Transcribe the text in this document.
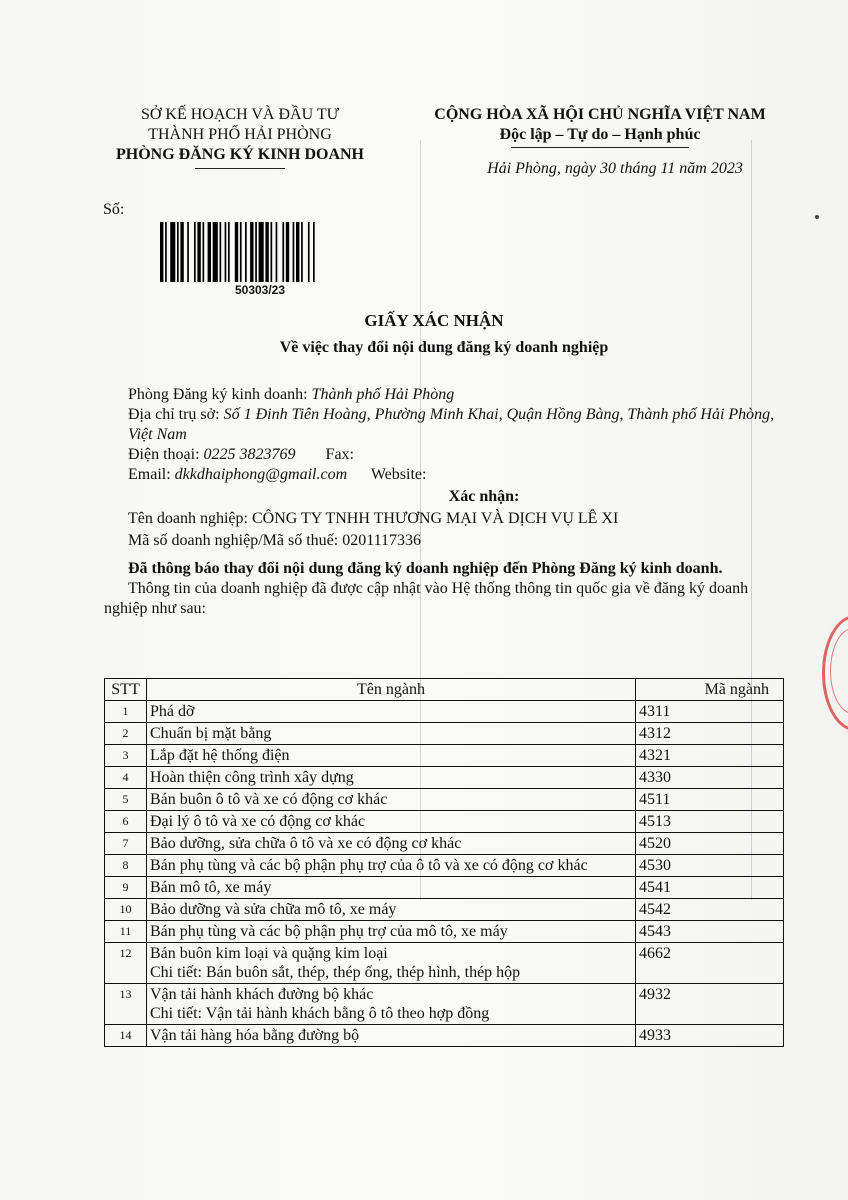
SỞ KẾ HOẠCH VÀ ĐẦU TƯ
THÀNH PHỐ HẢI PHÒNG
PHÒNG ĐĂNG KÝ KINH DOANH
CỘNG HÒA XÃ HỘI CHỦ NGHĨA VIỆT NAM
Độc lập – Tự do – Hạnh phúc
Hải Phòng, ngày 30 tháng 11 năm 2023
Số:
50303/23
GIẤY XÁC NHẬN
Về việc thay đổi nội dung đăng ký doanh nghiệp
Phòng Đăng ký kinh doanh: Thành phố Hải Phòng
Địa chỉ trụ sở: Số 1 Đinh Tiên Hoàng, Phường Minh Khai, Quận Hồng Bàng, Thành phố Hải Phòng, Việt Nam
Điện thoại: 0225 3823769 Fax:
Email: dkkdhaiphong@gmail.com Website:
Xác nhận:
Tên doanh nghiệp: CÔNG TY TNHH THƯƠNG MẠI VÀ DỊCH VỤ LÊ XI
Mã số doanh nghiệp/Mã số thuế: 0201117336
Đã thông báo thay đổi nội dung đăng ký doanh nghiệp đến Phòng Đăng ký kinh doanh.
Thông tin của doanh nghiệp đã được cập nhật vào Hệ thống thông tin quốc gia về đăng ký doanh nghiệp như sau:
STT	Tên ngành	Mã ngành
1	Phá dỡ	4311
2	Chuẩn bị mặt bằng	4312
3	Lắp đặt hệ thống điện	4321
4	Hoàn thiện công trình xây dựng	4330
5	Bán buôn ô tô và xe có động cơ khác	4511
6	Đại lý ô tô và xe có động cơ khác	4513
7	Bảo dưỡng, sửa chữa ô tô và xe có động cơ khác	4520
8	Bán phụ tùng và các bộ phận phụ trợ của ô tô và xe có động cơ khác	4530
9	Bán mô tô, xe máy	4541
10	Bảo dưỡng và sửa chữa mô tô, xe máy	4542
11	Bán phụ tùng và các bộ phận phụ trợ của mô tô, xe máy	4543
12	Bán buôn kim loại và quặng kim loại
Chi tiết: Bán buôn sắt, thép, thép ống, thép hình, thép hộp	4662
13	Vận tải hành khách đường bộ khác
Chi tiết: Vận tải hành khách bằng ô tô theo hợp đồng	4932
14	Vận tải hàng hóa bằng đường bộ	4933
